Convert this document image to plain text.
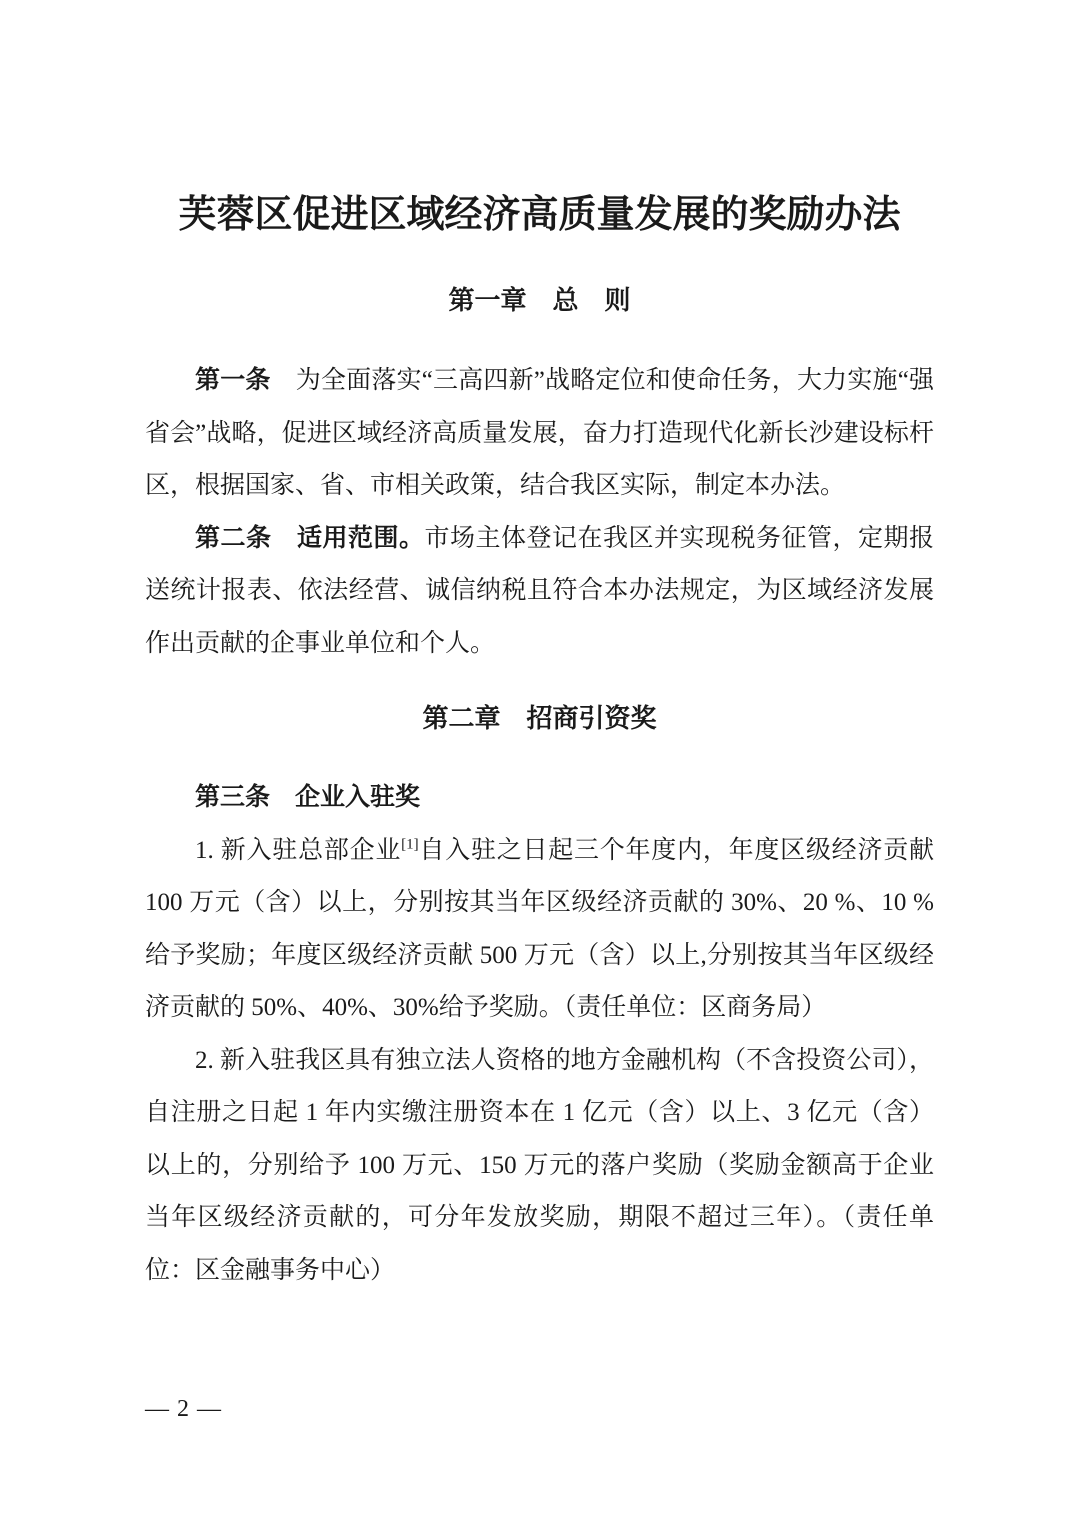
芙蓉区促进区域经济高质量发展的奖励办法
第一章　总　则

第一条　为全面落实“三高四新”战略定位和使命任务，大力实施“强省会”战略，促进区域经济高质量发展，奋力打造现代化新长沙建设标杆区，根据国家、省、市相关政策，结合我区实际，制定本办法。

第二条　适用范围。市场主体登记在我区并实现税务征管，定期报送统计报表、依法经营、诚信纳税且符合本办法规定，为区域经济发展作出贡献的企事业单位和个人。

第二章　招商引资奖

第三条　企业入驻奖

1. 新入驻总部企业[1]自入驻之日起三个年度内，年度区级经济贡献 100 万元（含）以上，分别按其当年区级经济贡献的 30%、20 %、10 %给予奖励；年度区级经济贡献 500 万元（含）以上,分别按其当年区级经济贡献的 50%、40%、30%给予奖励。（责任单位：区商务局）

2. 新入驻我区具有独立法人资格的地方金融机构（不含投资公司），自注册之日起 1 年内实缴注册资本在 1 亿元（含）以上、3 亿元（含）以上的，分别给予 100 万元、150 万元的落户奖励（奖励金额高于企业当年区级经济贡献的，可分年发放奖励，期限不超过三年）。（责任单位：区金融事务中心）

— 2 —
